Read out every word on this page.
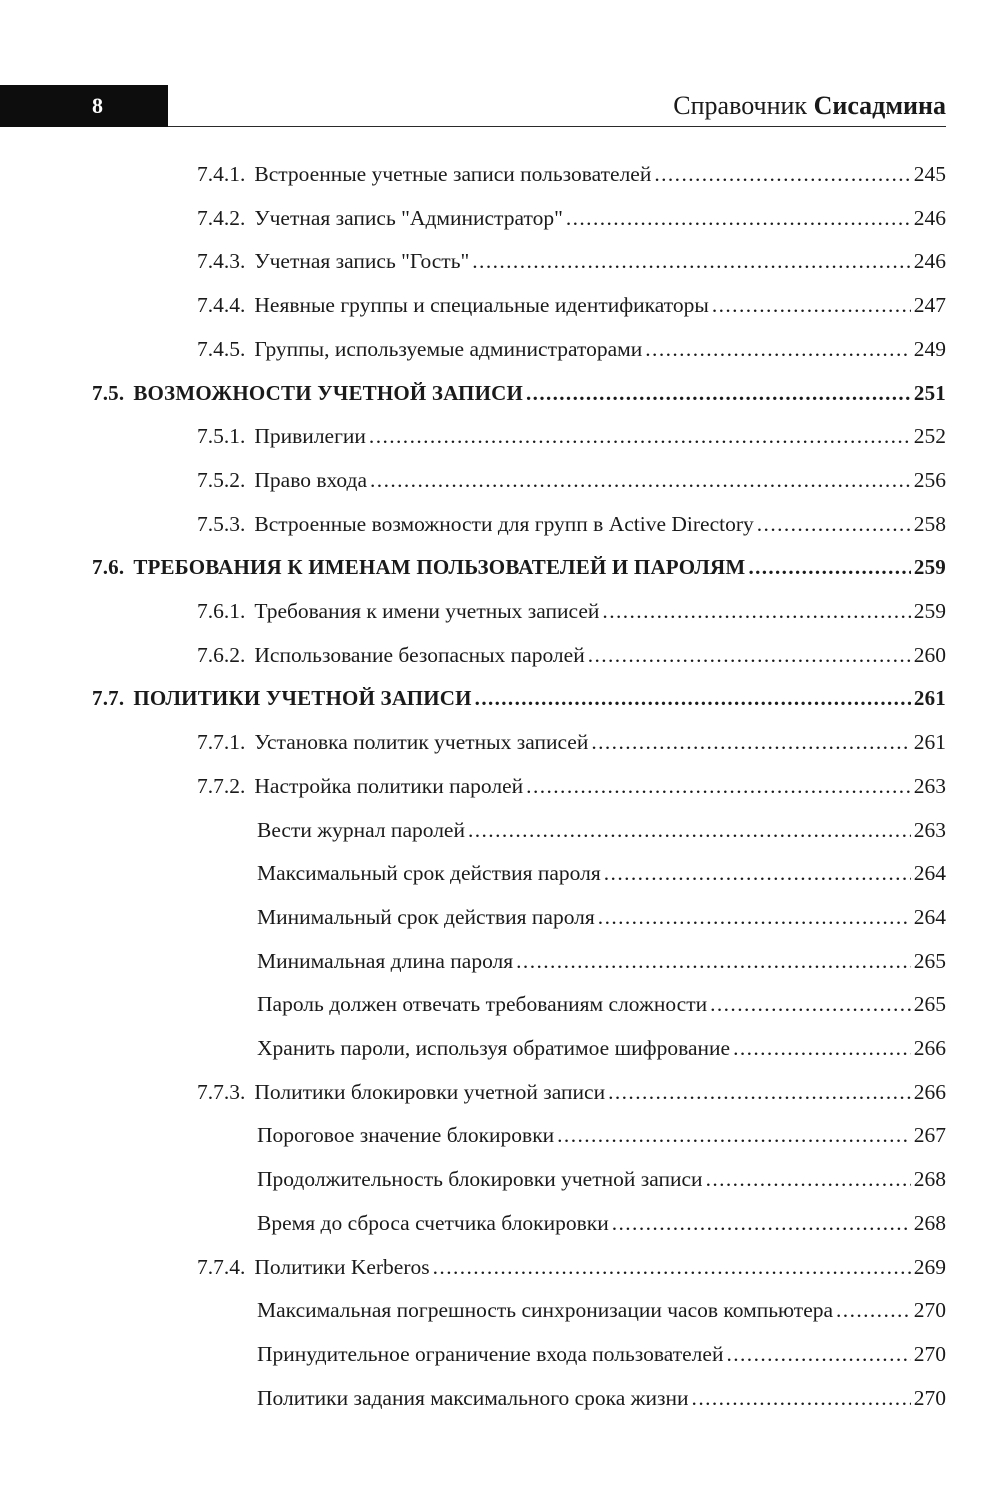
8	Справочник Сисадмина
7.4.1. Встроенные учетные записи пользователей .....	245
7.4.2. Учетная запись "Администратор" .....	246
7.4.3. Учетная запись "Гость" .....	246
7.4.4. Неявные группы и специальные идентификаторы .....	247
7.4.5. Группы, используемые администраторами .....	249
7.5. ВОЗМОЖНОСТИ УЧЕТНОЙ ЗАПИСИ .....	251
7.5.1. Привилегии .....	252
7.5.2. Право входа .....	256
7.5.3. Встроенные возможности для групп в Active Directory .....	258
7.6. ТРЕБОВАНИЯ К ИМЕНАМ ПОЛЬЗОВАТЕЛЕЙ И ПАРОЛЯМ .....	259
7.6.1. Требования к имени учетных записей .....	259
7.6.2. Использование безопасных паролей .....	260
7.7. ПОЛИТИКИ УЧЕТНОЙ ЗАПИСИ .....	261
7.7.1. Установка политик учетных записей .....	261
7.7.2. Настройка политики паролей .....	263
Вести журнал паролей .....	263
Максимальный срок действия пароля .....	264
Минимальный срок действия пароля .....	264
Минимальная длина пароля .....	265
Пароль должен отвечать требованиям сложности .....	265
Хранить пароли, используя обратимое шифрование .....	266
7.7.3. Политики блокировки учетной записи .....	266
Пороговое значение блокировки .....	267
Продолжительность блокировки учетной записи .....	268
Время до сброса счетчика блокировки .....	268
7.7.4. Политики Kerberos .....	269
Максимальная погрешность синхронизации часов компьютера .....	270
Принудительное ограничение входа пользователей .....	270
Политики задания максимального срока жизни .....	270
